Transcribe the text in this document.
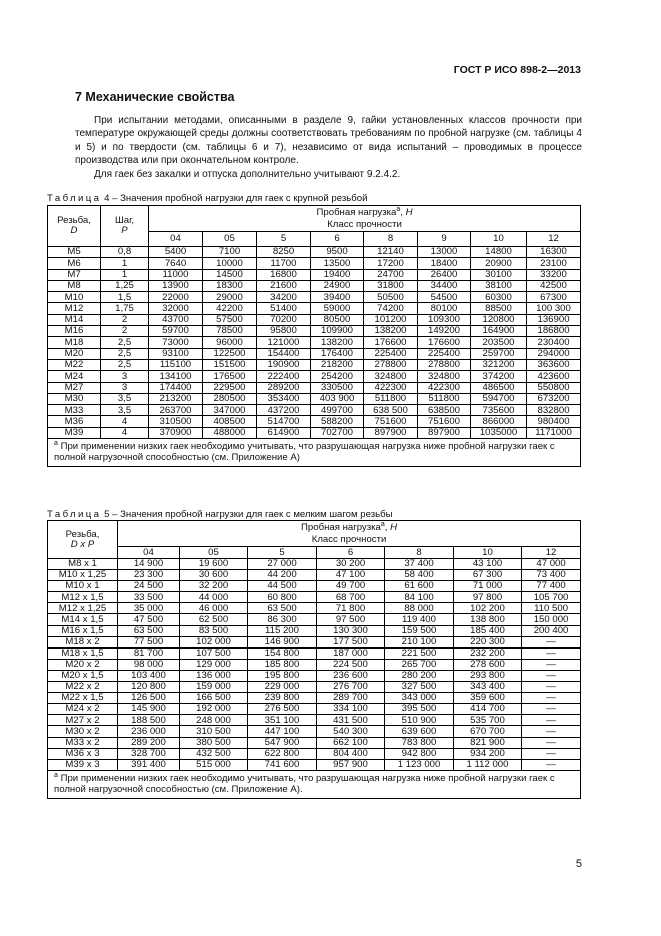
ГОСТ Р ИСО 898-2—2013
7 Механические свойства

При испытании методами, описанными в разделе 9, гайки установленных классов прочности при температуре окружающей среды должны соответствовать требованиям по пробной нагрузке (см. таблицы 4 и 5) и по твердости (см. таблицы 6 и 7), независимо от вида испытаний – проводимых в процессе производства или при окончательном контроле.

Для гаек без закалки и отпуска дополнительно учитывают 9.2.4.2.

Таблица 4 – Значения пробной нагрузки для гаек с крупной резьбой
Резьба,
D	Шаг,
P	Пробная нагрузка$^а$, H							
		Класс прочности							
		04	05	5	6	8	9	10	12
M5	0,8	5400	7100	8250	9500	12140	13000	14800	16300
M6	1	7640	10000	11700	13500	17200	18400	20900	23100
M7	1	11000	14500	16800	19400	24700	26400	30100	33200
M8	1,25	13900	18300	21600	24900	31800	34400	38100	42500
M10	1,5	22000	29000	34200	39400	50500	54500	60300	67300
M12	1,75	32000	42200	51400	59000	74200	80100	88500	100 300
M14	2	43700	57500	70200	80500	101200	109300	120800	136900
M16	2	59700	78500	95800	109900	138200	149200	164900	186800
M18	2,5	73000	96000	121000	138200	176600	176600	203500	230400
M20	2,5	93100	122500	154400	176400	225400	225400	259700	294000
M22	2,5	115100	151500	190900	218200	278800	278800	321200	363600
M24	3	134100	176500	222400	254200	324800	324800	374200	423600
M27	3	174400	229500	289200	330500	422300	422300	486500	550800
M30	3,5	213200	280500	353400	403 900	511800	511800	594700	673200
M33	3,5	263700	347000	437200	499700	638 500	638500	735600	832800
M36	4	310500	408500	514700	588200	751600	751600	866000	980400
M39	4	370900	488000	614900	702700	897900	897900	1035000	1171000
$^а$ При применении низких гаек необходимо учитывать, что разрушающая нагрузка ниже пробной нагрузки гаек с полной нагрузочной способностью (см. Приложение А)									
Таблица 5 – Значения пробной нагрузки для гаек с мелким шагом резьбы
Резьба,
D x P	Пробная нагрузка$^а$, H						
	Класс прочности						
	04	05	5	6	8	10	12
M8 x 1	14 900	19 600	27 000	30 200	37 400	43 100	47 000
M10 x 1,25	23 300	30 600	44 200	47 100	58 400	67 300	73 400
M10 x 1	24 500	32 200	44 500	49 700	61 600	71 000	77 400
M12 x 1,5	33 500	44 000	60 800	68 700	84 100	97 800	105 700
M12 x 1,25	35 000	46 000	63 500	71 800	88 000	102 200	110 500
M14 x 1,5	47 500	62 500	86 300	97 500	119 400	138 800	150 000
M16 x 1,5	63 500	83 500	115 200	130 300	159 500	185 400	200 400
M18 x 2	77 500	102 000	146 900	177 500	210 100	220 300	—
M18 x 1,5	81 700	107 500	154 800	187 000	221 500	232 200	—
M20 x 2	98 000	129 000	185 800	224 500	265 700	278 600	—
M20 x 1,5	103 400	136 000	195 800	236 600	280 200	293 800	—
M22 x 2	120 800	159 000	229 000	276 700	327 500	343 400	—
M22 x 1,5	126 500	166 500	239 800	289 700	343 000	359 600	—
M24 x 2	145 900	192 000	276 500	334 100	395 500	414 700	—
M27 x 2	188 500	248 000	351 100	431 500	510 900	535 700	—
M30 x 2	236 000	310 500	447 100	540 300	639 600	670 700	—
M33 x 2	289 200	380 500	547 900	662 100	783 800	821 900	—
M36 x 3	328 700	432 500	622 800	804 400	942 800	934 200	—
M39 x 3	391 400	515 000	741 600	957 900	1 123 000	1 112 000	—
$^а$ При применении низких гаек необходимо учитывать, что разрушающая нагрузка ниже пробной нагрузки гаек с полной нагрузочной способностью (см. Приложение А).							
5
